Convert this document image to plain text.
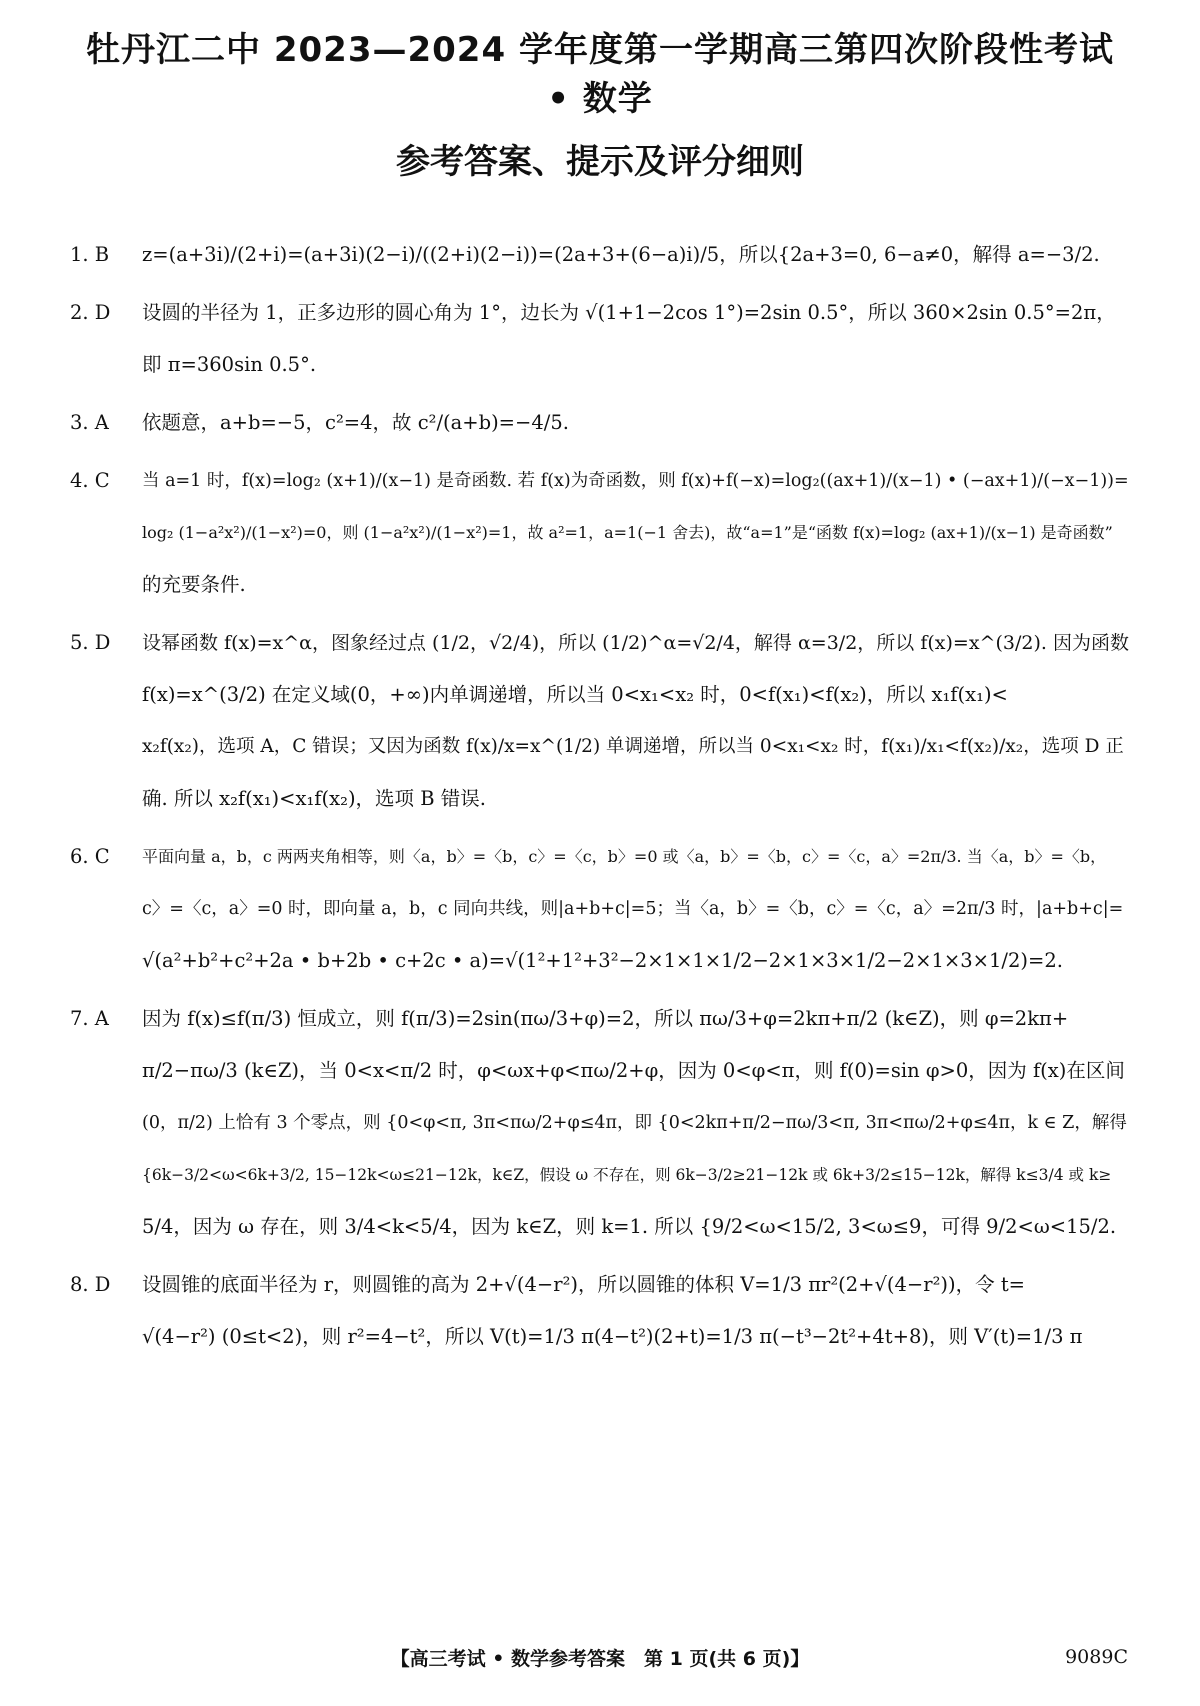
牡丹江二中 2023—2024 学年度第一学期高三第四次阶段性考试 • 数学
参考答案、提示及评分细则
1. B	z=(a+3i)/(2+i)=(a+3i)(2−i)/((2+i)(2−i))=(2a+3+(6−a)i)/5，所以{2a+3=0, 6−a≠0，解得 a=−3/2.
2. D	设圆的半径为 1，正多边形的圆心角为 1°，边长为 √(1+1−2cos 1°)=2sin 0.5°，所以 360×2sin 0.5°=2π，
即 π=360sin 0.5°.
3. A	依题意，a+b=−5，c²=4，故 c²/(a+b)=−4/5.
4. C	当 a=1 时，f(x)=log₂ (x+1)/(x−1) 是奇函数. 若 f(x)为奇函数，则 f(x)+f(−x)=log₂((ax+1)/(x−1) • (−ax+1)/(−x−1))=
log₂ (1−a²x²)/(1−x²)=0，则 (1−a²x²)/(1−x²)=1，故 a²=1，a=1(−1 舍去)，故“a=1”是“函数 f(x)=log₂ (ax+1)/(x−1) 是奇函数”
的充要条件.
5. D	设幂函数 f(x)=x^α，图象经过点 (1/2，√2/4)，所以 (1/2)^α=√2/4，解得 α=3/2，所以 f(x)=x^(3/2). 因为函数
f(x)=x^(3/2) 在定义域(0，+∞)内单调递增，所以当 0<x₁<x₂ 时，0<f(x₁)<f(x₂)，所以 x₁f(x₁)<
x₂f(x₂)，选项 A，C 错误；又因为函数 f(x)/x=x^(1/2) 单调递增，所以当 0<x₁<x₂ 时，f(x₁)/x₁<f(x₂)/x₂，选项 D 正
确. 所以 x₂f(x₁)<x₁f(x₂)，选项 B 错误.
6. C	平面向量 a，b，c 两两夹角相等，则〈a，b〉=〈b，c〉=〈c，b〉=0 或〈a，b〉=〈b，c〉=〈c，a〉=2π/3. 当〈a，b〉=〈b，
c〉=〈c，a〉=0 时，即向量 a，b，c 同向共线，则|a+b+c|=5；当〈a，b〉=〈b，c〉=〈c，a〉=2π/3 时，|a+b+c|=
√(a²+b²+c²+2a • b+2b • c+2c • a)=√(1²+1²+3²−2×1×1×1/2−2×1×3×1/2−2×1×3×1/2)=2.
7. A	因为 f(x)≤f(π/3) 恒成立，则 f(π/3)=2sin(πω/3+φ)=2，所以 πω/3+φ=2kπ+π/2 (k∈Z)，则 φ=2kπ+
π/2−πω/3 (k∈Z)，当 0<x<π/2 时，φ<ωx+φ<πω/2+φ，因为 0<φ<π，则 f(0)=sin φ>0，因为 f(x)在区间
(0，π/2) 上恰有 3 个零点，则 {0<φ<π, 3π<πω/2+φ≤4π，即 {0<2kπ+π/2−πω/3<π, 3π<πω/2+φ≤4π，k ∈ Z，解得
{6k−3/2<ω<6k+3/2, 15−12k<ω≤21−12k，k∈Z，假设 ω 不存在，则 6k−3/2≥21−12k 或 6k+3/2≤15−12k，解得 k≤3/4 或 k≥
5/4，因为 ω 存在，则 3/4<k<5/4，因为 k∈Z，则 k=1. 所以 {9/2<ω<15/2, 3<ω≤9，可得 9/2<ω<15/2.
8. D	设圆锥的底面半径为 r，则圆锥的高为 2+√(4−r²)，所以圆锥的体积 V=1/3 πr²(2+√(4−r²))，令 t=
√(4−r²) (0≤t<2)，则 r²=4−t²，所以 V(t)=1/3 π(4−t²)(2+t)=1/3 π(−t³−2t²+4t+8)，则 V′(t)=1/3 π
【高三考试 • 数学参考答案　第 1 页(共 6 页)】	9089C
